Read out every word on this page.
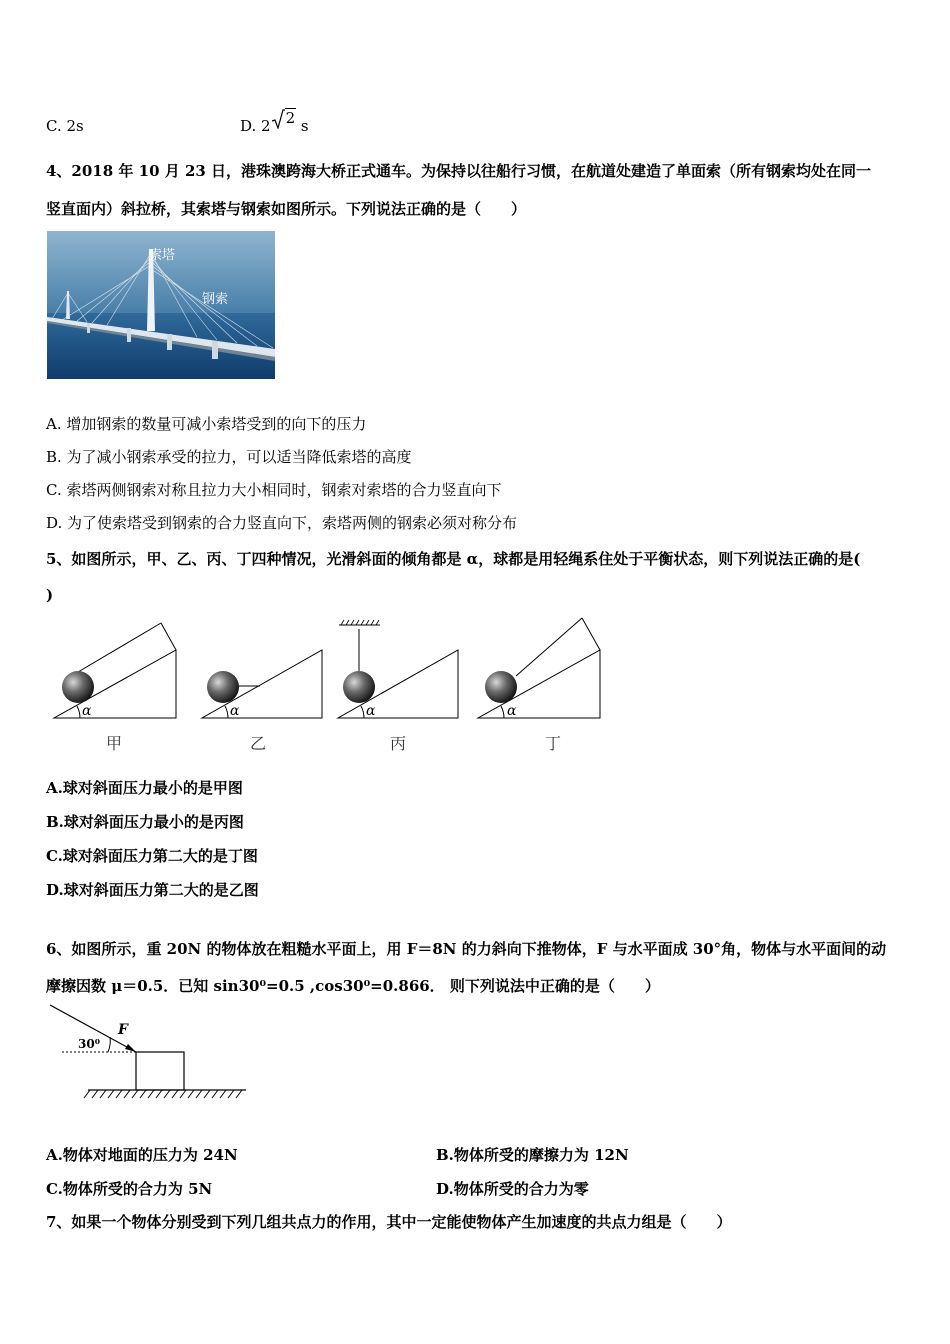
C. 2s	D. 2 2 s
4、2018 年 10 月 23 日，港珠澳跨海大桥正式通车。为保持以往船行习惯，在航道处建造了单面索（所有钢索均处在同一
竖直面内）斜拉桥，其索塔与钢索如图所示。下列说法正确的是（　　）
索塔
钢索
A. 增加钢索的数量可减小索塔受到的向下的压力
B. 为了减小钢索承受的拉力，可以适当降低索塔的高度
C. 索塔两侧钢索对称且拉力大小相同时，钢索对索塔的合力竖直向下
D. 为了使索塔受到钢索的合力竖直向下，索塔两侧的钢索必须对称分布
5、如图所示，甲、乙、丙、丁四种情况，光滑斜面的倾角都是 α，球都是用轻绳系住处于平衡状态，则下列说法正确的是(
)
α	α	α	α
甲	乙	丙	丁
A.球对斜面压力最小的是甲图
B.球对斜面压力最小的是丙图
C.球对斜面压力第二大的是丁图
D.球对斜面压力第二大的是乙图
6、如图所示，重 20N 的物体放在粗糙水平面上，用 F＝8N 的力斜向下推物体，F 与水平面成 30°角，物体与水平面间的动
摩擦因数 μ＝0.5．已知 sin30⁰=0.5 ,cos30⁰=0.866． 则下列说法中正确的是（　　）
F
30⁰
A.物体对地面的压力为 24N	B.物体所受的摩擦力为 12N
C.物体所受的合力为 5N	D.物体所受的合力为零
7、如果一个物体分别受到下列几组共点力的作用，其中一定能使物体产生加速度的共点力组是（　　）
